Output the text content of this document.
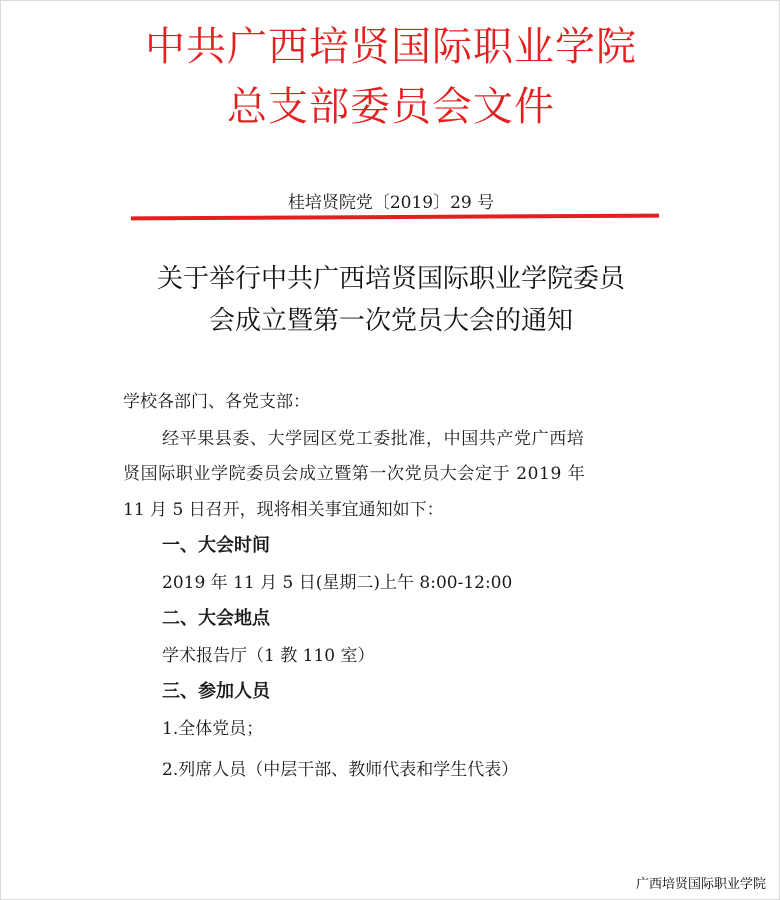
中共广西培贤国际职业学院
总支部委员会文件
桂培贤院党〔2019〕29 号
关于举行中共广西培贤国际职业学院委员
会成立暨第一次党员大会的通知
学校各部门、各党支部：
经平果县委、大学园区党工委批准，中国共产党广西培
贤国际职业学院委员会成立暨第一次党员大会定于 2019 年
11 月 5 日召开，现将相关事宜通知如下：
一、大会时间
2019 年 11 月 5 日(星期二)上午 8:00-12:00
二、大会地点
学术报告厅（1 教 110 室）
三、参加人员
1.全体党员；
2.列席人员（中层干部、教师代表和学生代表）
广西培贤国际职业学院
